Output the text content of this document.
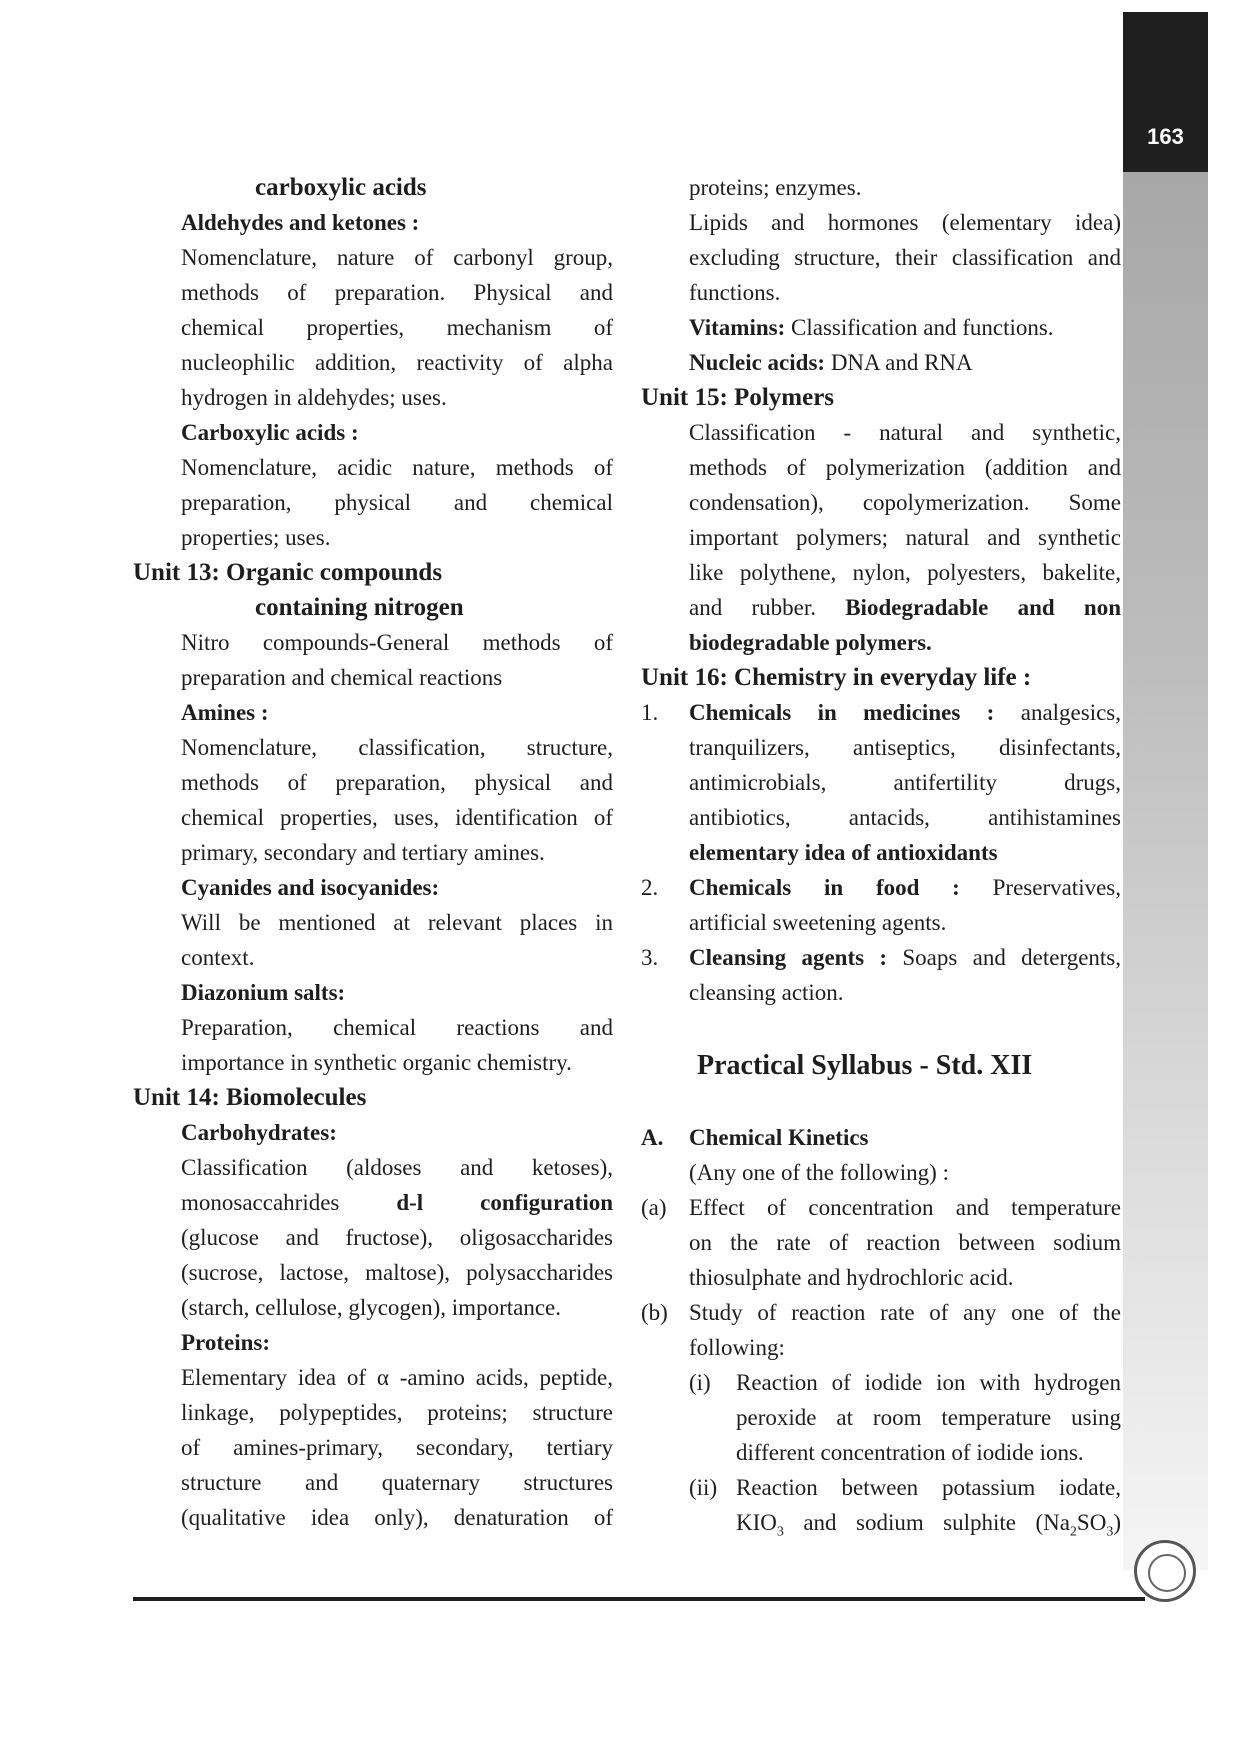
163
carboxylic acids
Aldehydes and ketones :
Nomenclature, nature of carbonyl group,
methods of preparation. Physical and
chemical properties, mechanism of
nucleophilic addition, reactivity of alpha
hydrogen in aldehydes; uses.
Carboxylic acids :
Nomenclature, acidic nature, methods of
preparation, physical and chemical
properties; uses.
Unit 13: Organic compounds
containing nitrogen
Nitro compounds-General methods of
preparation and chemical reactions
Amines :
Nomenclature, classification, structure,
methods of preparation, physical and
chemical properties, uses, identification of
primary, secondary and tertiary amines.
Cyanides and isocyanides:
Will be mentioned at relevant places in
context.
Diazonium salts:
Preparation, chemical reactions and
importance in synthetic organic chemistry.
Unit 14: Biomolecules
Carbohydrates:
Classification (aldoses and ketoses),
monosaccahrides d-l configuration
(glucose and fructose), oligosaccharides
(sucrose, lactose, maltose), polysaccharides
(starch, cellulose, glycogen), importance.
Proteins:
Elementary idea of α -amino acids, peptide,
linkage, polypeptides, proteins; structure
of amines-primary, secondary, tertiary
structure and quaternary structures
(qualitative idea only), denaturation of
proteins; enzymes.
Lipids and hormones (elementary idea)
excluding structure, their classification and
functions.
Vitamins: Classification and functions.
Nucleic acids: DNA and RNA
Unit 15: Polymers
Classification - natural and synthetic,
methods of polymerization (addition and
condensation), copolymerization. Some
important polymers; natural and synthetic
like polythene, nylon, polyesters, bakelite,
and rubber. Biodegradable and non
biodegradable polymers.
Unit 16: Chemistry in everyday life :
1.	Chemicals in medicines : analgesics,
tranquilizers, antiseptics, disinfectants,
antimicrobials, antifertility drugs,
antibiotics, antacids, antihistamines
elementary idea of antioxidants
2.	Chemicals in food : Preservatives,
artificial sweetening agents.
3.	Cleansing agents : Soaps and detergents,
cleansing action.
Practical Syllabus - Std. XII
A.	Chemical Kinetics
(Any one of the following) :
(a) Effect of concentration and temperature
on the rate of reaction between sodium
thiosulphate and hydrochloric acid.
(b) Study of reaction rate of any one of the
following:
(i)	Reaction of iodide ion with hydrogen
peroxide at room temperature using
different concentration of iodide ions.
(ii) Reaction between potassium iodate,
$KIO_3$ and sodium sulphite $(Na_2SO_3)$
